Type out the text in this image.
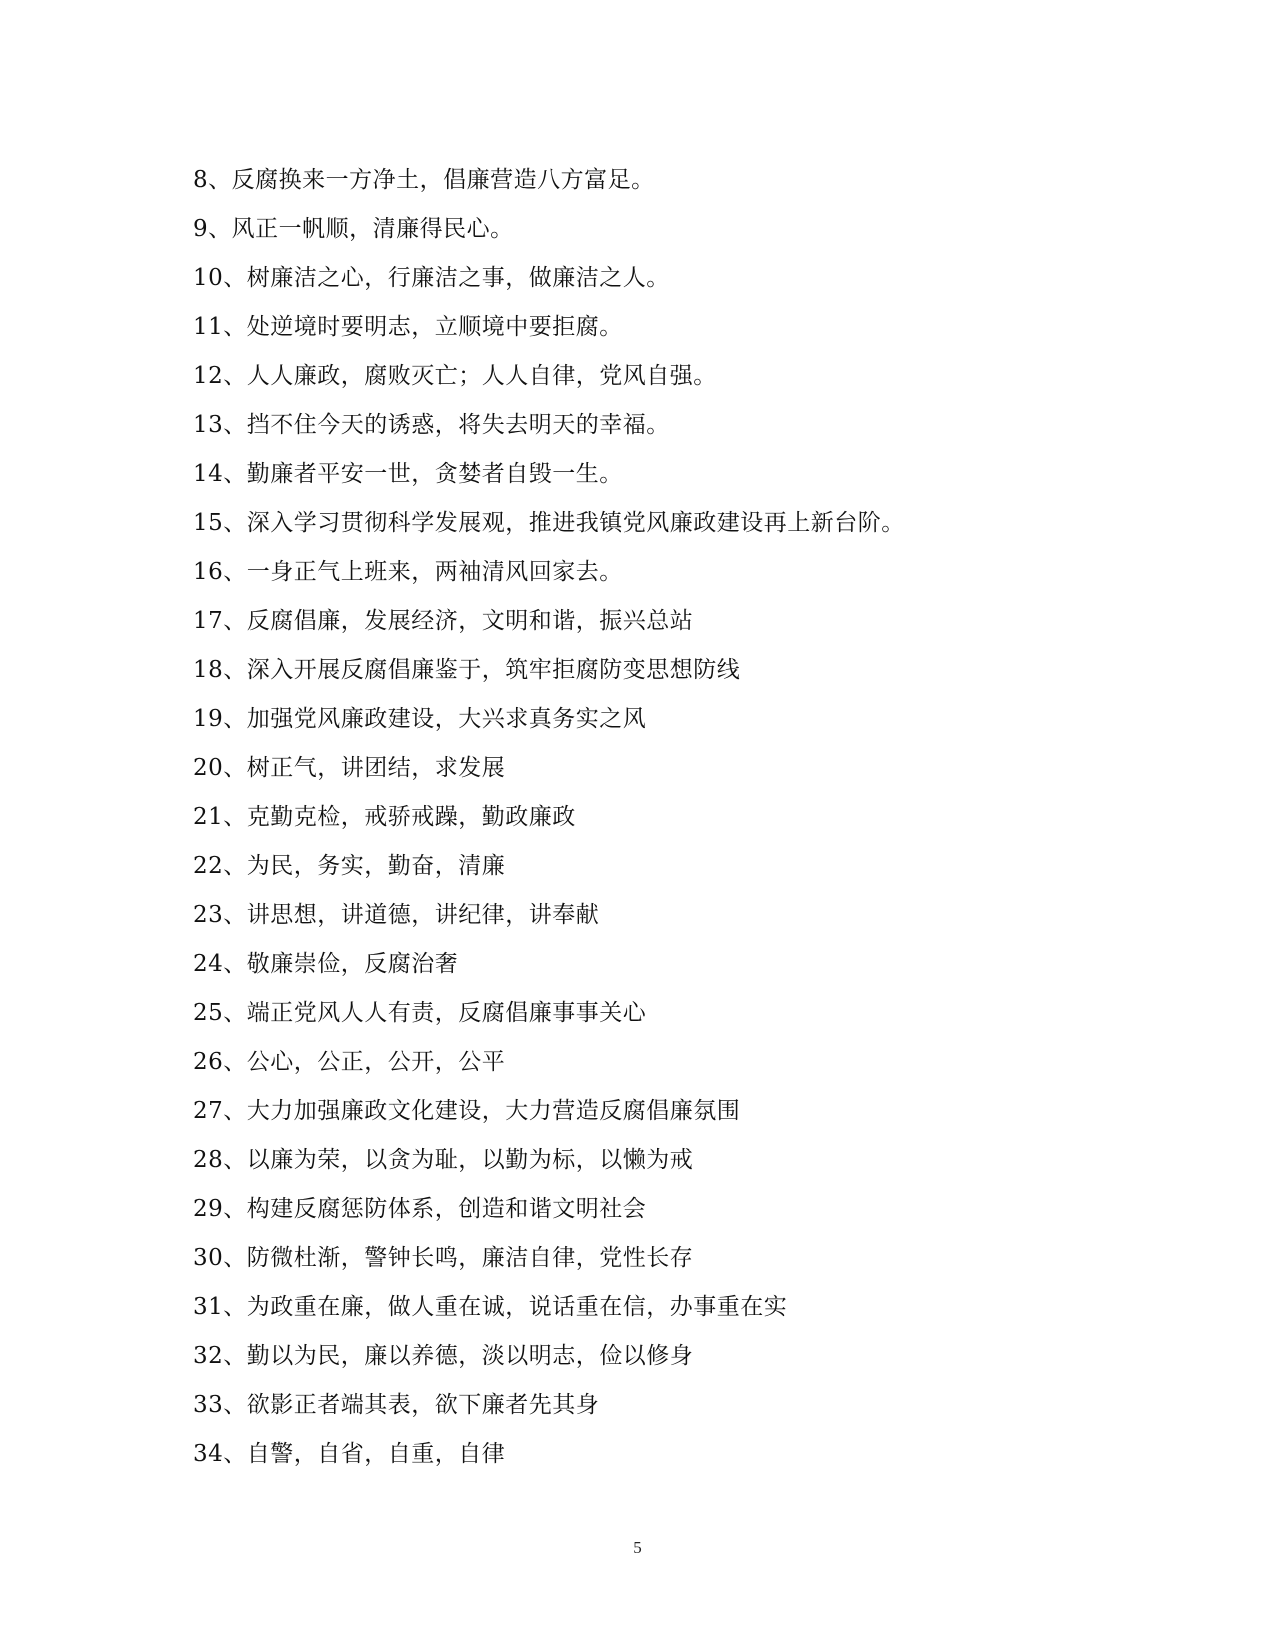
8、反腐换来一方净土，倡廉营造八方富足。
9、风正一帆顺，清廉得民心。
10、树廉洁之心，行廉洁之事，做廉洁之人。
11、处逆境时要明志，立顺境中要拒腐。
12、人人廉政，腐败灭亡；人人自律，党风自强。
13、挡不住今天的诱惑，将失去明天的幸福。
14、勤廉者平安一世，贪婪者自毁一生。
15、深入学习贯彻科学发展观，推进我镇党风廉政建设再上新台阶。
16、一身正气上班来，两袖清风回家去。
17、反腐倡廉，发展经济，文明和谐，振兴总站
18、深入开展反腐倡廉鉴于，筑牢拒腐防变思想防线
19、加强党风廉政建设，大兴求真务实之风
20、树正气，讲团结，求发展
21、克勤克检，戒骄戒躁，勤政廉政
22、为民，务实，勤奋，清廉
23、讲思想，讲道德，讲纪律，讲奉献
24、敬廉崇俭，反腐治奢
25、端正党风人人有责，反腐倡廉事事关心
26、公心，公正，公开，公平
27、大力加强廉政文化建设，大力营造反腐倡廉氛围
28、以廉为荣，以贪为耻，以勤为标，以懒为戒
29、构建反腐惩防体系，创造和谐文明社会
30、防微杜渐，警钟长鸣，廉洁自律，党性长存
31、为政重在廉，做人重在诚，说话重在信，办事重在实
32、勤以为民，廉以养德，淡以明志，俭以修身
33、欲影正者端其表，欲下廉者先其身
34、自警，自省，自重，自律
5
